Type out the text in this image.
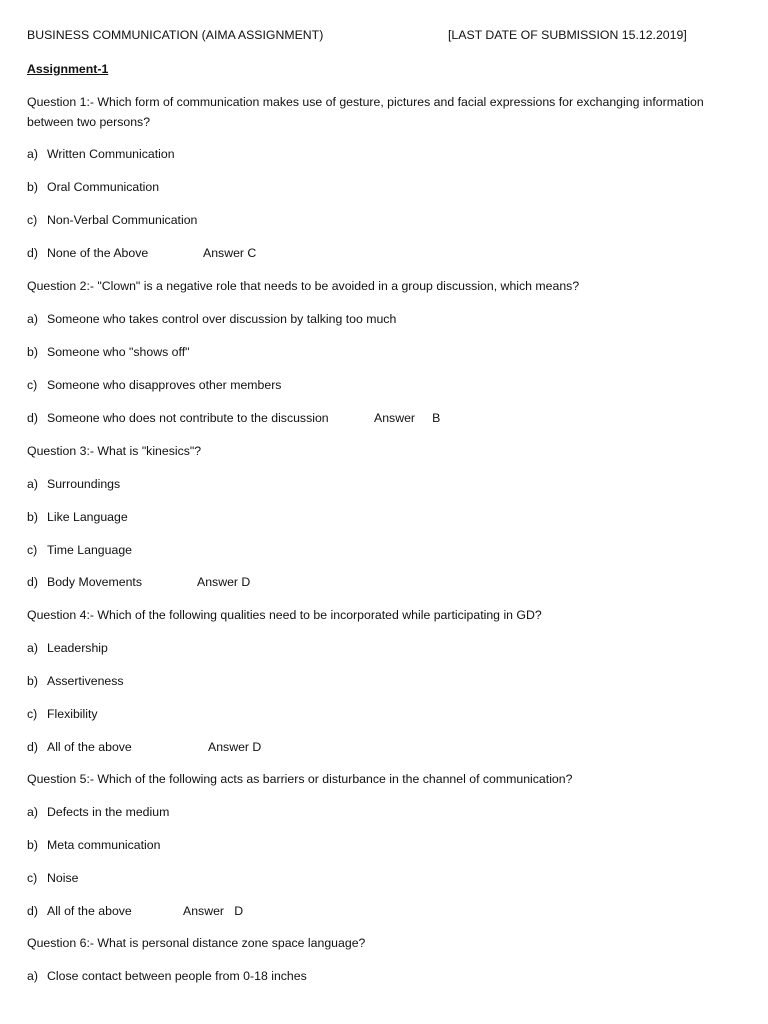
BUSINESS COMMUNICATION (AIMA ASSIGNMENT)	[LAST DATE OF SUBMISSION 15.12.2019]
Assignment-1
Question 1:- Which form of communication makes use of gesture, pictures and facial expressions for exchanging information between two persons?
a) Written Communication
b) Oral Communication
c) Non-Verbal Communication
d) None of the Above	Answer C
Question 2:- "Clown" is a negative role that needs to be avoided in a group discussion, which means?
a) Someone who takes control over discussion by talking too much
b) Someone who "shows off"
c) Someone who disapproves other members
d) Someone who does not contribute to the discussion	Answer     B
Question 3:- What is "kinesics"?
a) Surroundings
b) Like Language
c) Time Language
d) Body Movements	Answer D
Question 4:- Which of the following qualities need to be incorporated while participating in GD?
a) Leadership
b) Assertiveness
c) Flexibility
d) All of the above	Answer D
Question 5:- Which of the following acts as barriers or disturbance in the channel of communication?
a) Defects in the medium
b) Meta communication
c) Noise
d) All of the above	Answer   D
Question 6:- What is personal distance zone space language?
a) Close contact between people from 0-18 inches
